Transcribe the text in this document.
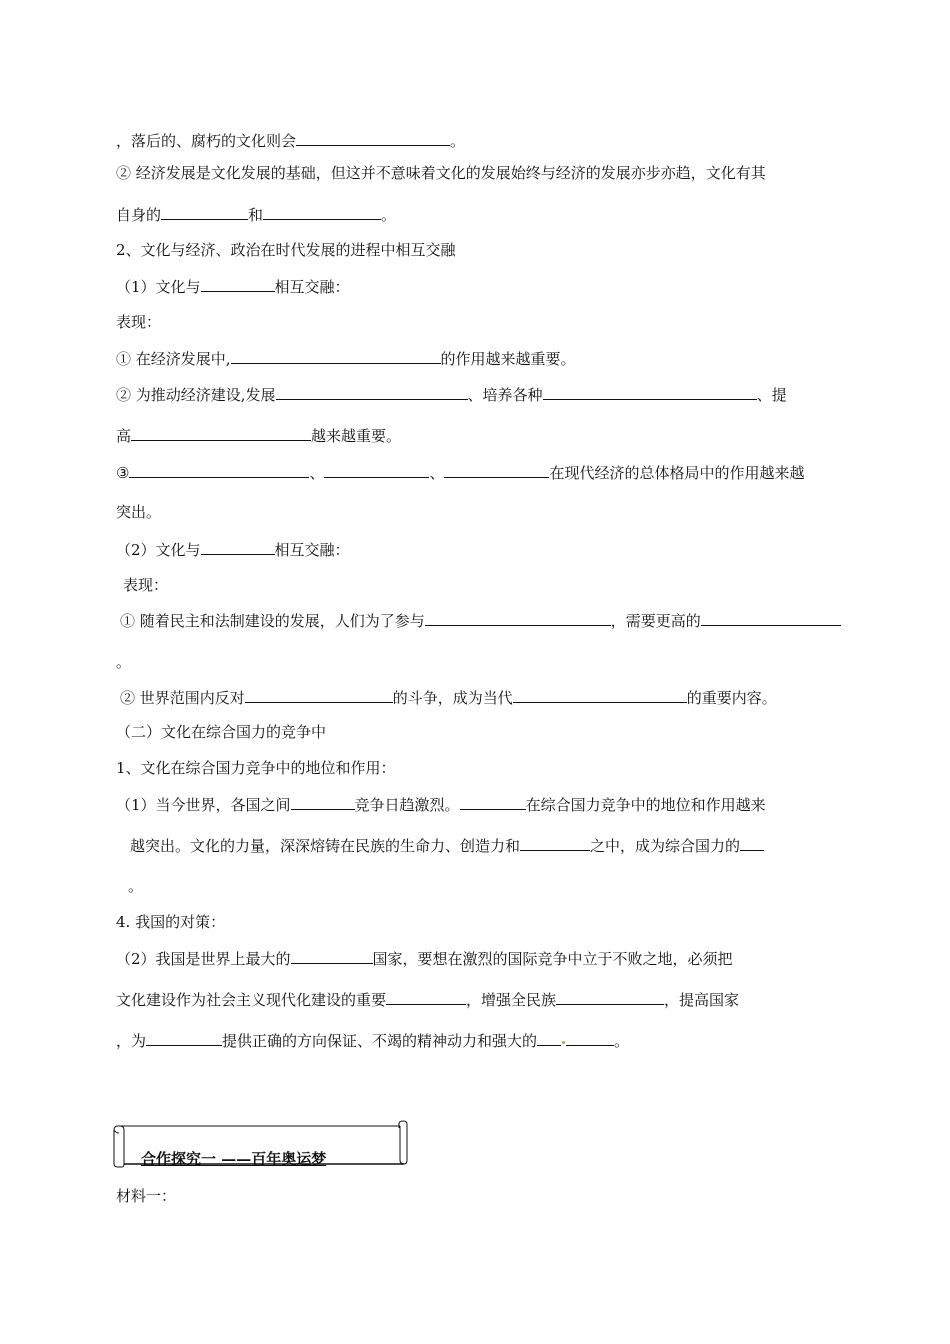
，落后的、腐朽的文化则会	。
② 经济发展是文化发展的基础，但这并不意味着文化的发展始终与经济的发展亦步亦趋，文化有其
自身的	和	。
2、文化与经济、政治在时代发展的进程中相互交融
（1）文化与	相互交融：
表现：
① 在经济发展中,	的作用越来越重要。
② 为推动经济建设,发展	、培养各种	、提
高	越来越重要。
③	、	、	在现代经济的总体格局中的作用越来越
突出。
（2）文化与	相互交融：
表现：
① 随着民主和法制建设的发展，人们为了参与	，需要更高的
。
② 世界范围内反对	的斗争，成为当代	的重要内容。
（二）文化在综合国力的竞争中
1、文化在综合国力竞争中的地位和作用：
（1）当今世界，各国之间	竞争日趋激烈。	在综合国力竞争中的地位和作用越来
越突出。文化的力量，深深熔铸在民族的生命力、创造力和	之中，成为综合国力的
。
4. 我国的对策：
（2）我国是世界上最大的	国家，要想在激烈的国际竞争中立于不败之地，必须把
文化建设作为社会主义现代化建设的重要	，增强全民族	，提高国家
，为	提供正确的方向保证、不竭的精神动力和强大的	。
合作探究一 ——百年奥运梦
材料一：
